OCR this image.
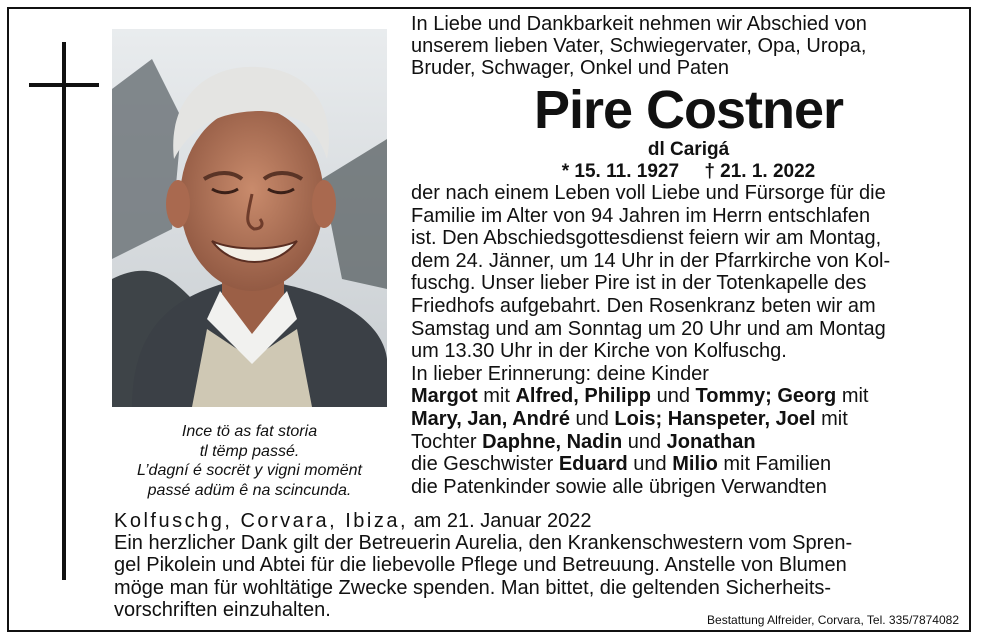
Ince tö as fat storia
tl tëmp passé.
L’dagní é socrët y vigni momënt
passé adüm ê na scincunda.
In Liebe und Dankbarkeit nehmen wir Abschied von
unserem lieben Vater, Schwiegervater, Opa, Uropa,
Bruder, Schwager, Onkel und Paten
Pire Costner
dl Carigá
* 15. 11. 1927 † 21. 1. 2022
der nach einem Leben voll Liebe und Fürsorge für die
Familie im Alter von 94 Jahren im Herrn entschlafen
ist. Den Abschiedsgottesdienst feiern wir am Montag,
dem 24. Jänner, um 14 Uhr in der Pfarrkirche von Kol-
fuschg. Unser lieber Pire ist in der Totenkapelle des
Friedhofs aufgebahrt. Den Rosenkranz beten wir am
Samstag und am Sonntag um 20 Uhr und am Montag
um 13.30 Uhr in der Kirche von Kolfuschg.
In lieber Erinnerung: deine Kinder
Margot mit Alfred, Philipp und Tommy; Georg mit
Mary, Jan, André und Lois; Hanspeter, Joel mit
Tochter Daphne, Nadin und Jonathan
die Geschwister Eduard und Milio mit Familien
die Patenkinder sowie alle übrigen Verwandten
Kolfuschg, Corvara, Ibiza, am 21. Januar 2022
Ein herzlicher Dank gilt der Betreuerin Aurelia, den Krankenschwestern vom Spren-
gel Pikolein und Abtei für die liebevolle Pflege und Betreuung. Anstelle von Blumen
möge man für wohltätige Zwecke spenden. Man bittet, die geltenden Sicherheits-
vorschriften einzuhalten.	Bestattung Alfreider, Corvara, Tel. 335/7874082
